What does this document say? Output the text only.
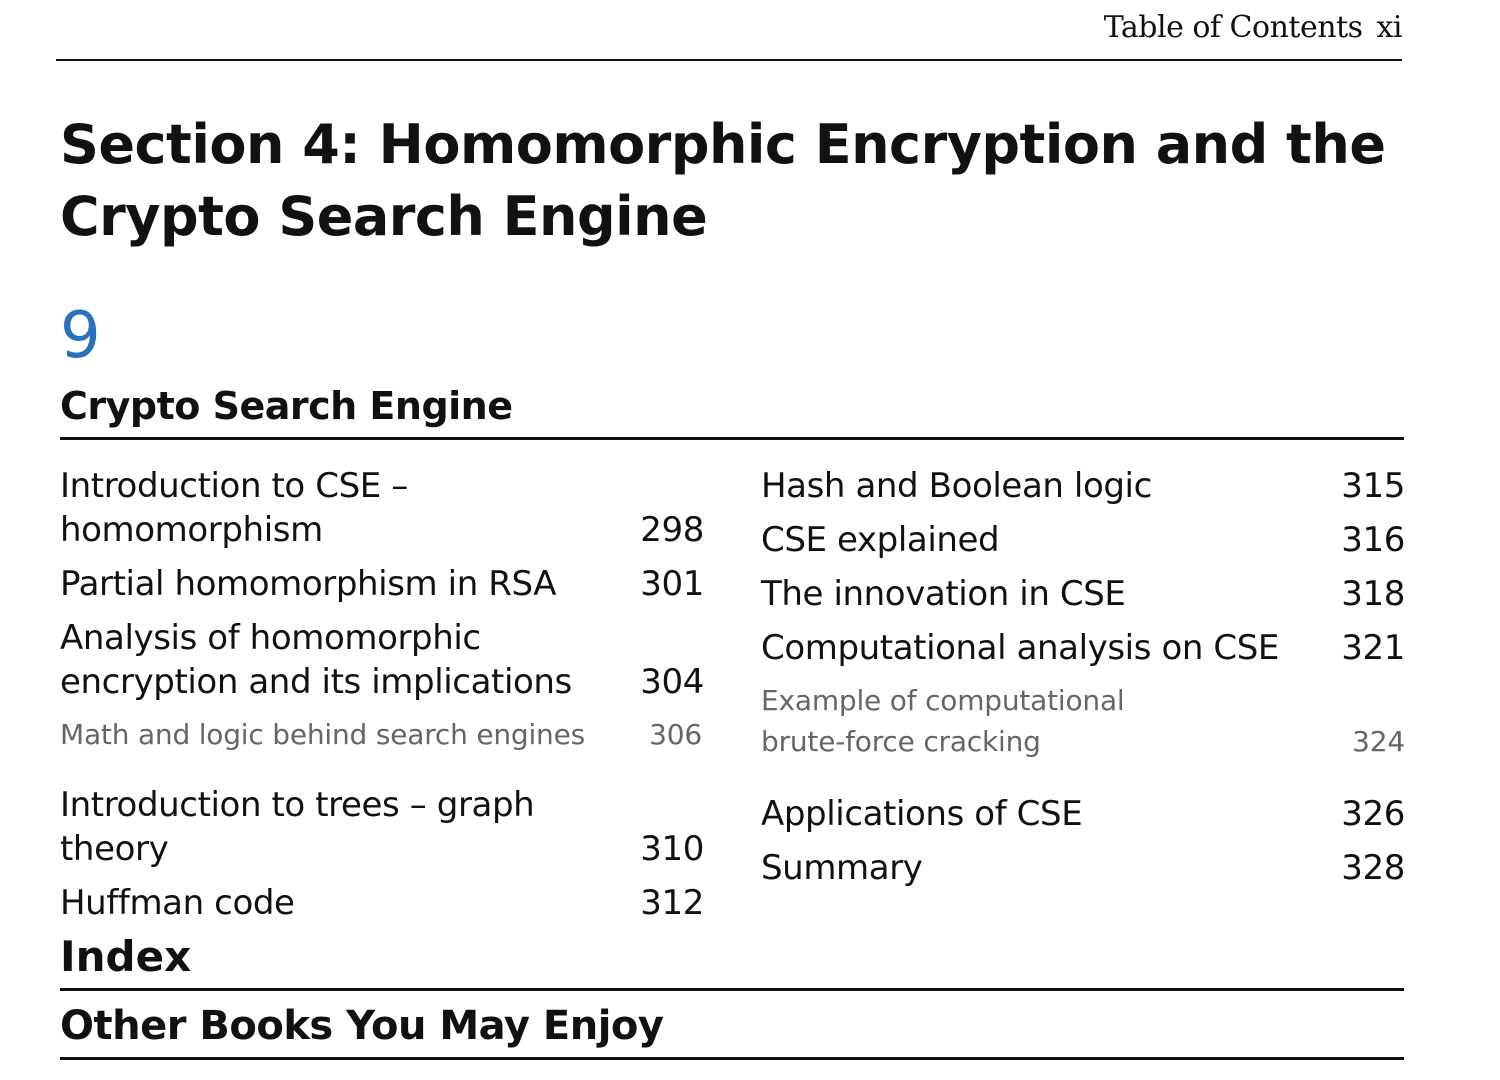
Table of Contents xi
Section 4: Homomorphic Encryption and the Crypto Search Engine
9
Crypto Search Engine
Introduction to CSE – homomorphism	298
Partial homomorphism in RSA	301
Analysis of homomorphic encryption and its implications	304
Math and logic behind search engines	306
Introduction to trees – graph theory	310
Huffman code	312
Hash and Boolean logic	315
CSE explained	316
The innovation in CSE	318
Computational analysis on CSE	321
Example of computational brute-force cracking	324
Applications of CSE	326
Summary	328
Index
Other Books You May Enjoy
